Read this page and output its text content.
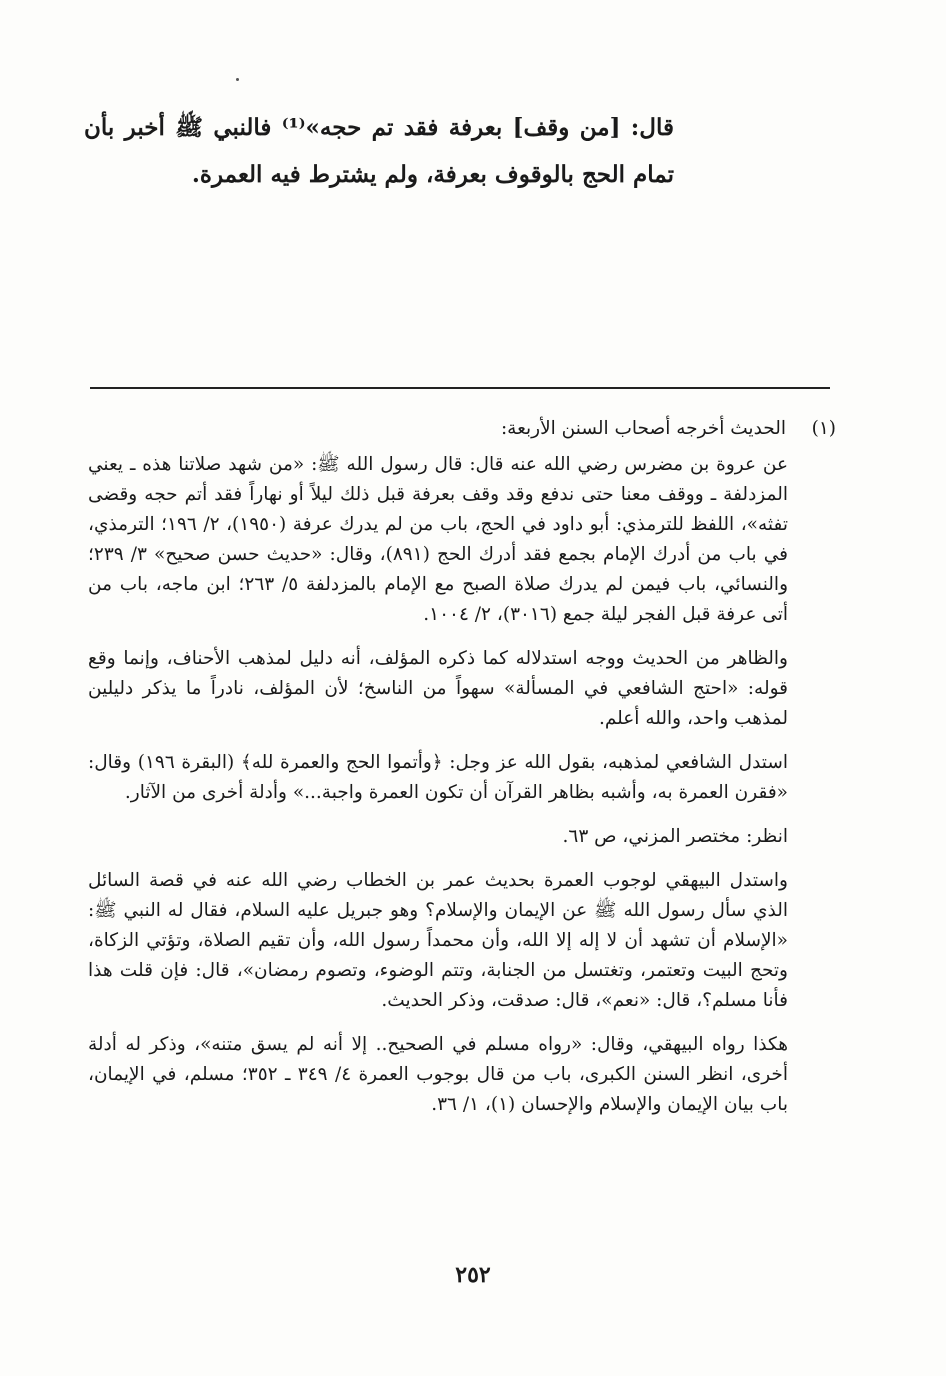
قال: [من وقف] بعرفة فقد تم حجه»⁽¹⁾ فالنبي ﷺ أخبر بأن تمام الحج بالوقوف بعرفة، ولم يشترط فيه العمرة.

(١)
الحديث أخرجه أصحاب السنن الأربعة:

عن عروة بن مضرس رضي الله عنه قال: قال رسول الله ﷺ: «من شهد صلاتنا هذه ـ يعني المزدلفة ـ ووقف معنا حتى ندفع وقد وقف بعرفة قبل ذلك ليلاً أو نهاراً فقد أتم حجه وقضى تفثه»، اللفظ للترمذي: أبو داود في الحج، باب من لم يدرك عرفة (١٩٥٠)، ٢/ ١٩٦؛ الترمذي، في باب من أدرك الإمام بجمع فقد أدرك الحج (٨٩١)، وقال: «حديث حسن صحيح» ٣/ ٢٣٩؛ والنسائي، باب فيمن لم يدرك صلاة الصبح مع الإمام بالمزدلفة ٥/ ٢٦٣؛ ابن ماجه، باب من أتى عرفة قبل الفجر ليلة جمع (٣٠١٦)، ٢/ ١٠٠٤.

والظاهر من الحديث ووجه استدلاله كما ذكره المؤلف، أنه دليل لمذهب الأحناف، وإنما وقع قوله: «احتج الشافعي في المسألة» سهواً من الناسخ؛ لأن المؤلف، نادراً ما يذكر دليلين لمذهب واحد، والله أعلم.

استدل الشافعي لمذهبه، بقول الله عز وجل: ﴿وأتموا الحج والعمرة لله﴾ (البقرة ١٩٦) وقال: «فقرن العمرة به، وأشبه بظاهر القرآن أن تكون العمرة واجبة...» وأدلة أخرى من الآثار.

انظر: مختصر المزني، ص ٦٣.

واستدل البيهقي لوجوب العمرة بحديث عمر بن الخطاب رضي الله عنه في قصة السائل الذي سأل رسول الله ﷺ عن الإيمان والإسلام؟ وهو جبريل عليه السلام، فقال له النبي ﷺ: «الإسلام أن تشهد أن لا إله إلا الله، وأن محمداً رسول الله، وأن تقيم الصلاة، وتؤتي الزكاة، وتحج البيت وتعتمر، وتغتسل من الجنابة، وتتم الوضوء، وتصوم رمضان»، قال: فإن قلت هذا فأنا مسلم؟، قال: «نعم»، قال: صدقت، وذكر الحديث.

هكذا رواه البيهقي، وقال: «رواه مسلم في الصحيح.. إلا أنه لم يسق متنه»، وذكر له أدلة أخرى، انظر السنن الكبرى، باب من قال بوجوب العمرة ٤/ ٣٤٩ ـ ٣٥٢؛ مسلم، في الإيمان، باب بيان الإيمان والإسلام والإحسان (١)، ١/ ٣٦.

٢٥٢
